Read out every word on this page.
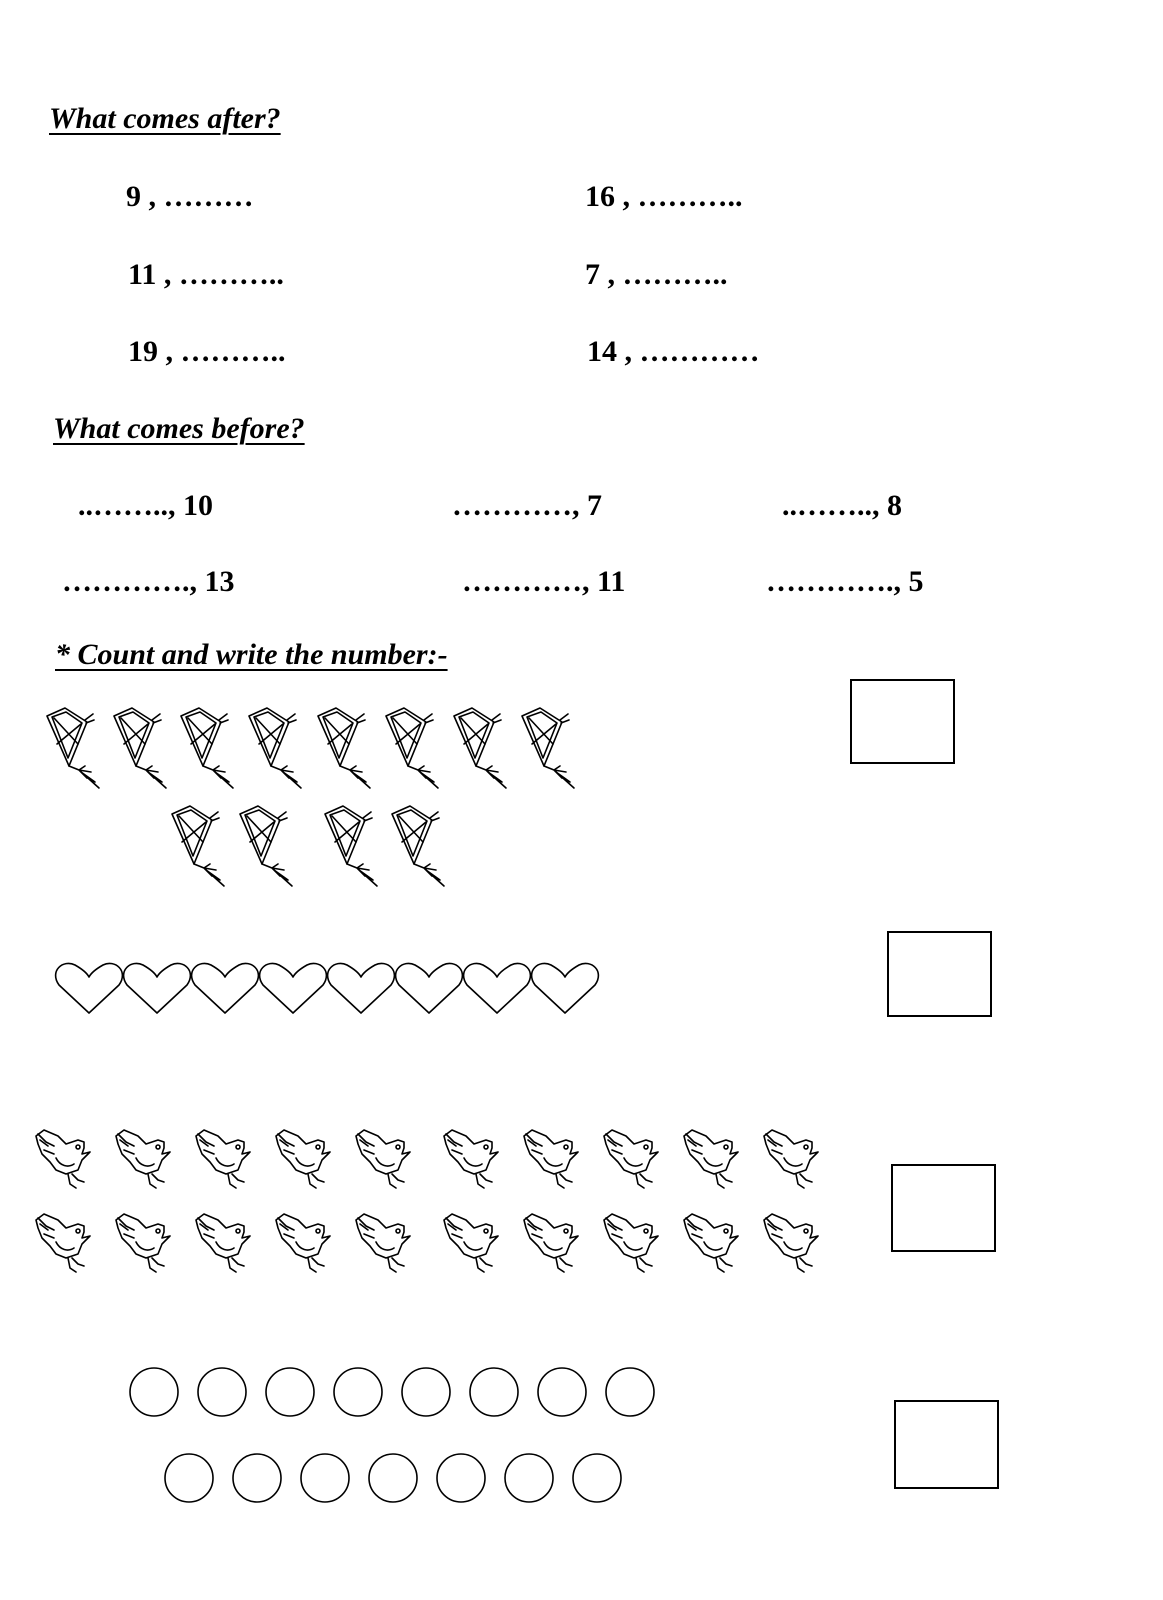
What comes after?
What comes before?
* Count and write the number:-
9 , ………	16 , ………..
11 , ………..	7 , ………..
19 , ………..	14 , …………
..…….., 10	…………, 7	..…….., 8
…………., 13	…………, 11	…………., 5
